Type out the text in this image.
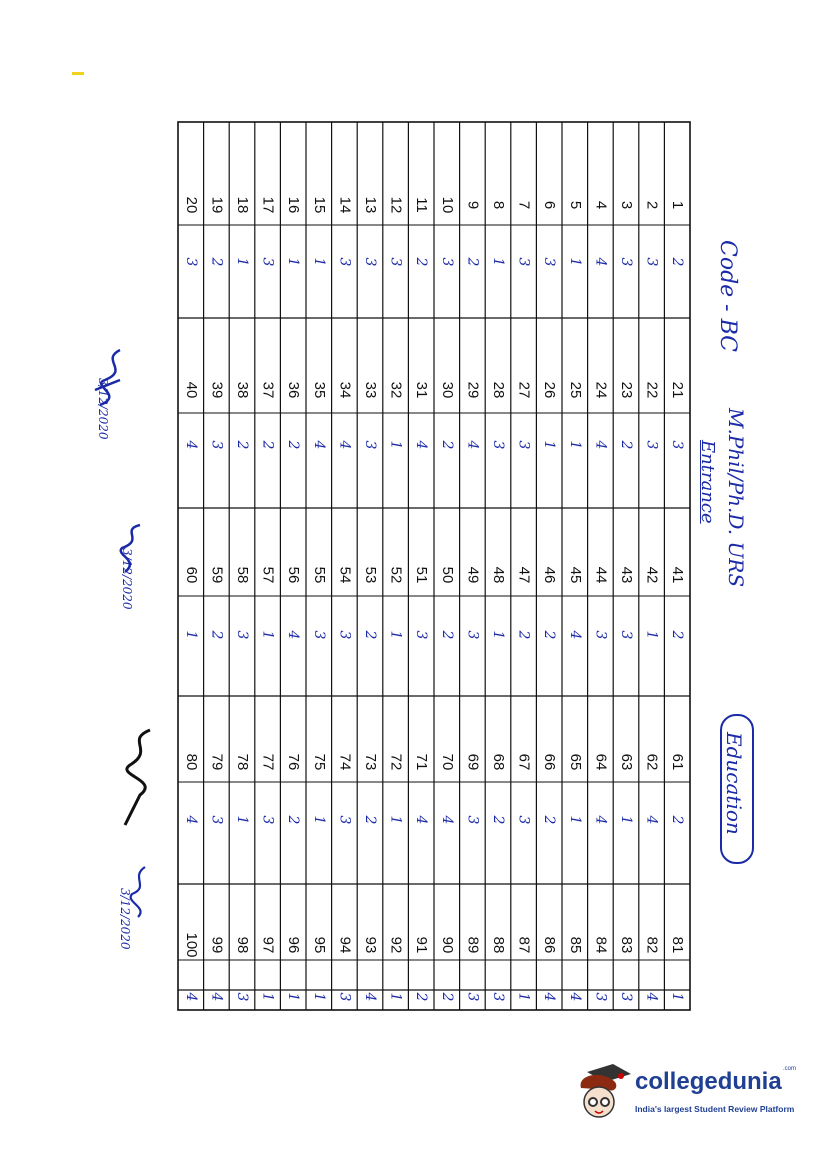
Code - BC
M.Phil/Ph.D. URS
Entrance
Education
3/12/2020
3/12/2020
3/12/2020
1
2
2
3
3
3
4
4
5
1
6
3
7
3
8
1
9
2
10
3
11
2
12
3
13
3
14
3
15
1
16
1
17
3
18
1
19
2
20
3
21
3
22
3
23
2
24
4
25
1
26
1
27
3
28
3
29
4
30
2
31
4
32
1
33
3
34
4
35
4
36
2
37
2
38
2
39
3
40
4
41
2
42
1
43
3
44
3
45
4
46
2
47
2
48
1
49
3
50
2
51
3
52
1
53
2
54
3
55
3
56
4
57
1
58
3
59
2
60
1
61
2
62
4
63
1
64
4
65
1
66
2
67
3
68
2
69
3
70
4
71
4
72
1
73
2
74
3
75
1
76
2
77
3
78
1
79
3
80
4
81
1
82
4
83
3
84
3
85
4
86
4
87
1
88
3
89
3
90
2
91
2
92
1
93
4
94
3
95
1
96
1
97
1
98
3
99
4
100
4
collegedunia .com
India's largest Student Review Platform
